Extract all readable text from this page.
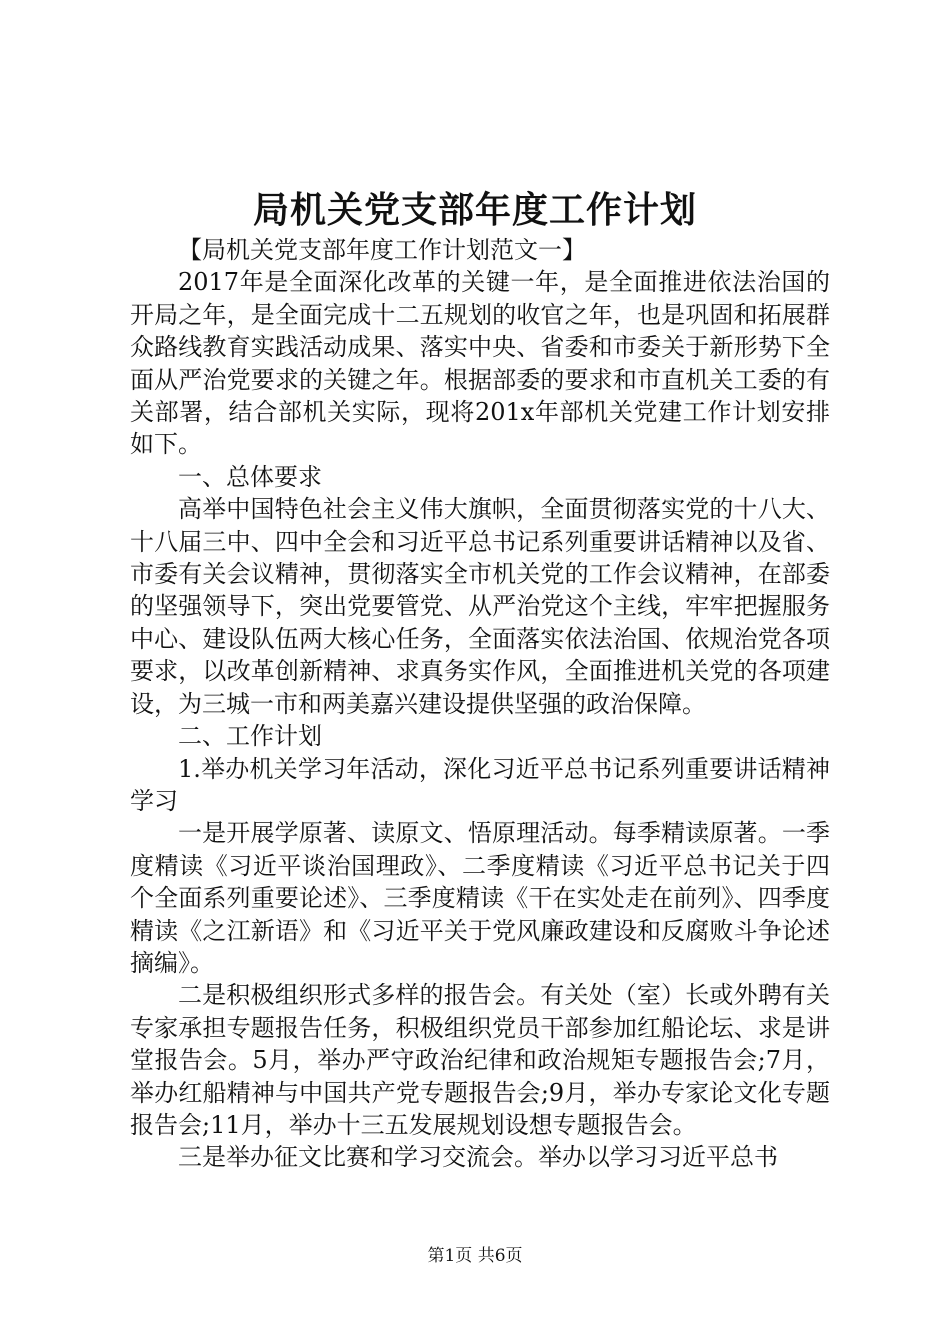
局机关党支部年度工作计划

【局机关党支部年度工作计划范文一】

2017年是全面深化改革的关键一年，是全面推进依法治国的开局之年，是全面完成十二五规划的收官之年，也是巩固和拓展群众路线教育实践活动成果、落实中央、省委和市委关于新形势下全面从严治党要求的关键之年。根据部委的要求和市直机关工委的有关部署，结合部机关实际，现将201x年部机关党建工作计划安排如下。

一、总体要求

高举中国特色社会主义伟大旗帜，全面贯彻落实党的十八大、十八届三中、四中全会和习近平总书记系列重要讲话精神以及省、市委有关会议精神，贯彻落实全市机关党的工作会议精神，在部委的坚强领导下，突出党要管党、从严治党这个主线，牢牢把握服务中心、建设队伍两大核心任务，全面落实依法治国、依规治党各项要求，以改革创新精神、求真务实作风，全面推进机关党的各项建设，为三城一市和两美嘉兴建设提供坚强的政治保障。

二、工作计划

1.举办机关学习年活动，深化习近平总书记系列重要讲话精神学习

一是开展学原著、读原文、悟原理活动。每季精读原著。一季度精读《习近平谈治国理政》、二季度精读《习近平总书记关于四个全面系列重要论述》、三季度精读《干在实处走在前列》、四季度精读《之江新语》和《习近平关于党风廉政建设和反腐败斗争论述摘编》。

二是积极组织形式多样的报告会。有关处（室）长或外聘有关专家承担专题报告任务，积极组织党员干部参加红船论坛、求是讲堂报告会。5月，举办严守政治纪律和政治规矩专题报告会;7月，举办红船精神与中国共产党专题报告会;9月，举办专家论文化专题报告会;11月，举办十三五发展规划设想专题报告会。

三是举办征文比赛和学习交流会。举办以学习习近平总书

第1页 共6页
